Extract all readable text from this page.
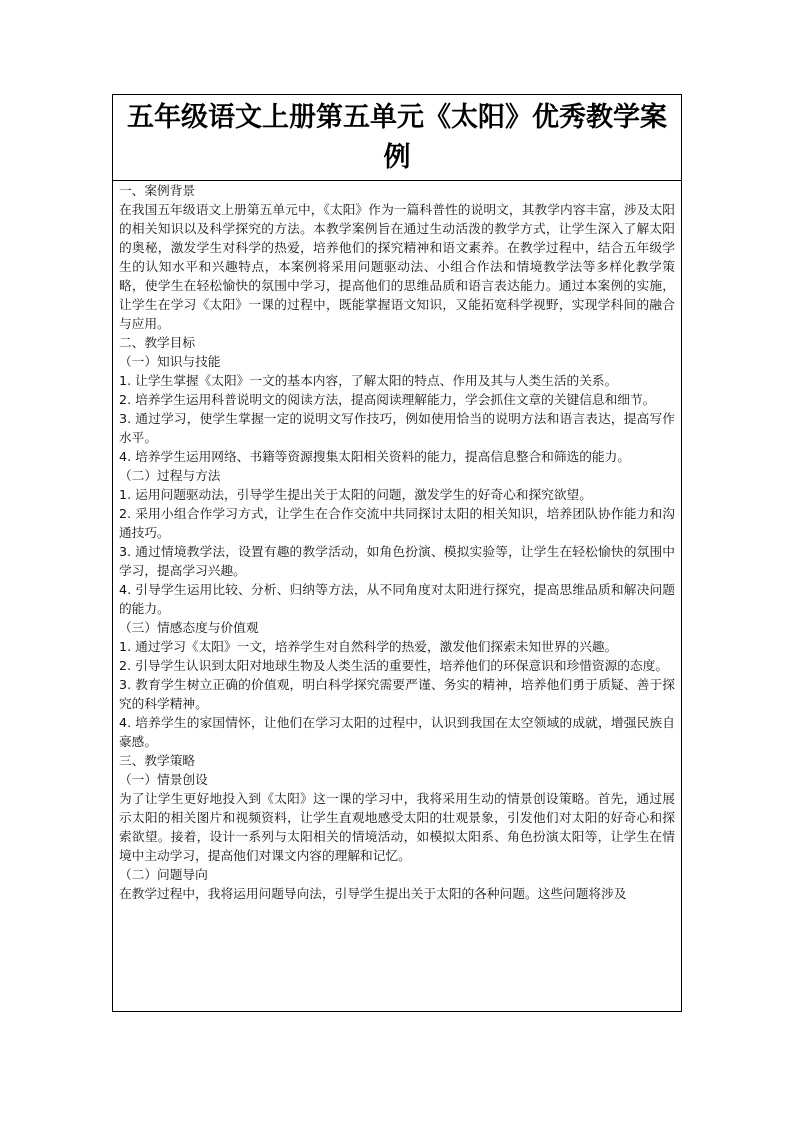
五年级语文上册第五单元《太阳》优秀教学案例

一、案例背景

在我国五年级语文上册第五单元中，《太阳》作为一篇科普性的说明文，其教学内容丰富，涉及太阳的相关知识以及科学探究的方法。本教学案例旨在通过生动活泼的教学方式，让学生深入了解太阳的奥秘，激发学生对科学的热爱，培养他们的探究精神和语文素养。在教学过程中，结合五年级学生的认知水平和兴趣特点，本案例将采用问题驱动法、小组合作法和情境教学法等多样化教学策略，使学生在轻松愉快的氛围中学习，提高他们的思维品质和语言表达能力。通过本案例的实施，让学生在学习《太阳》一课的过程中，既能掌握语文知识，又能拓宽科学视野，实现学科间的融合与应用。

二、教学目标

（一）知识与技能

1. 让学生掌握《太阳》一文的基本内容，了解太阳的特点、作用及其与人类生活的关系。

2. 培养学生运用科普说明文的阅读方法，提高阅读理解能力，学会抓住文章的关键信息和细节。

3. 通过学习，使学生掌握一定的说明文写作技巧，例如使用恰当的说明方法和语言表达，提高写作水平。

4. 培养学生运用网络、书籍等资源搜集太阳相关资料的能力，提高信息整合和筛选的能力。

（二）过程与方法

1. 运用问题驱动法，引导学生提出关于太阳的问题，激发学生的好奇心和探究欲望。

2. 采用小组合作学习方式，让学生在合作交流中共同探讨太阳的相关知识，培养团队协作能力和沟通技巧。

3. 通过情境教学法，设置有趣的教学活动，如角色扮演、模拟实验等，让学生在轻松愉快的氛围中学习，提高学习兴趣。

4. 引导学生运用比较、分析、归纳等方法，从不同角度对太阳进行探究，提高思维品质和解决问题的能力。

（三）情感态度与价值观

1. 通过学习《太阳》一文，培养学生对自然科学的热爱，激发他们探索未知世界的兴趣。

2. 引导学生认识到太阳对地球生物及人类生活的重要性，培养他们的环保意识和珍惜资源的态度。

3. 教育学生树立正确的价值观，明白科学探究需要严谨、务实的精神，培养他们勇于质疑、善于探究的科学精神。

4. 培养学生的家国情怀，让他们在学习太阳的过程中，认识到我国在太空领域的成就，增强民族自豪感。

三、教学策略

（一）情景创设

为了让学生更好地投入到《太阳》这一课的学习中，我将采用生动的情景创设策略。首先，通过展示太阳的相关图片和视频资料，让学生直观地感受太阳的壮观景象，引发他们对太阳的好奇心和探索欲望。接着，设计一系列与太阳相关的情境活动，如模拟太阳系、角色扮演太阳等，让学生在情境中主动学习，提高他们对课文内容的理解和记忆。

（二）问题导向

在教学过程中，我将运用问题导向法，引导学生提出关于太阳的各种问题。这些问题将涉及
